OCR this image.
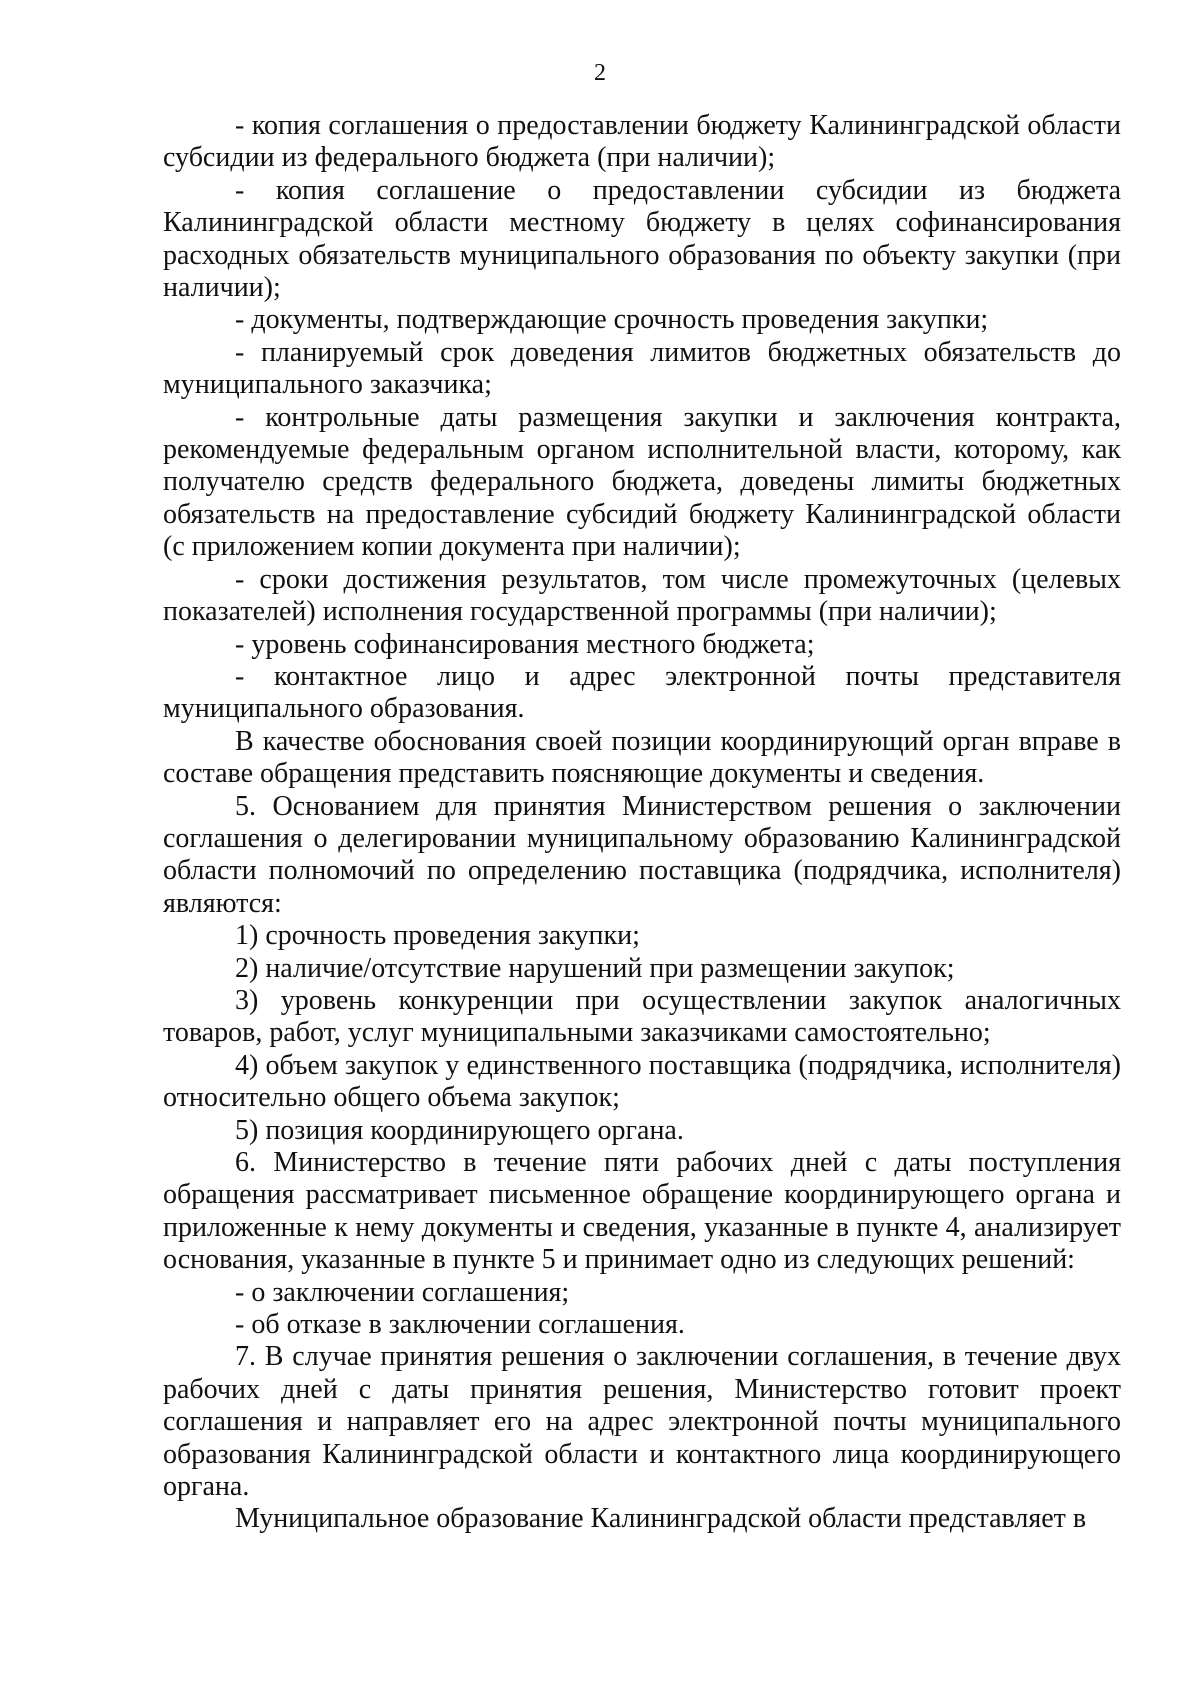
2

- копия соглашения о предоставлении бюджету Калининградской области субсидии из федерального бюджета (при наличии);

- копия соглашение о предоставлении субсидии из бюджета Калининградской области местному бюджету в целях софинансирования расходных обязательств муниципального образования по объекту закупки (при наличии);

- документы, подтверждающие срочность проведения закупки;

- планируемый срок доведения лимитов бюджетных обязательств до муниципального заказчика;

- контрольные даты размещения закупки и заключения контракта, рекомендуемые федеральным органом исполнительной власти, которому, как получателю средств федерального бюджета, доведены лимиты бюджетных обязательств на предоставление субсидий бюджету Калининградской области (с приложением копии документа при наличии);

- сроки достижения результатов, том числе промежуточных (целевых показателей) исполнения государственной программы (при наличии);

- уровень софинансирования местного бюджета;

- контактное лицо и адрес электронной почты представителя муниципального образования.

В качестве обоснования своей позиции координирующий орган вправе в составе обращения представить поясняющие документы и сведения.

5. Основанием для принятия Министерством решения о заключении соглашения о делегировании муниципальному образованию Калининградской области полномочий по определению поставщика (подрядчика, исполнителя) являются:

1) срочность проведения закупки;

2) наличие/отсутствие нарушений при размещении закупок;

3) уровень конкуренции при осуществлении закупок аналогичных товаров, работ, услуг муниципальными заказчиками самостоятельно;

4) объем закупок у единственного поставщика (подрядчика, исполнителя) относительно общего объема закупок;

5) позиция координирующего органа.

6. Министерство в течение пяти рабочих дней с даты поступления обращения рассматривает письменное обращение координирующего органа и приложенные к нему документы и сведения, указанные в пункте 4, анализирует основания, указанные в пункте 5 и принимает одно из следующих решений:

- о заключении соглашения;

- об отказе в заключении соглашения.

7. В случае принятия решения о заключении соглашения, в течение двух рабочих дней с даты принятия решения, Министерство готовит проект соглашения и направляет его на адрес электронной почты муниципального образования Калининградской области и контактного лица координирующего органа.

Муниципальное образование Калининградской области представляет в
